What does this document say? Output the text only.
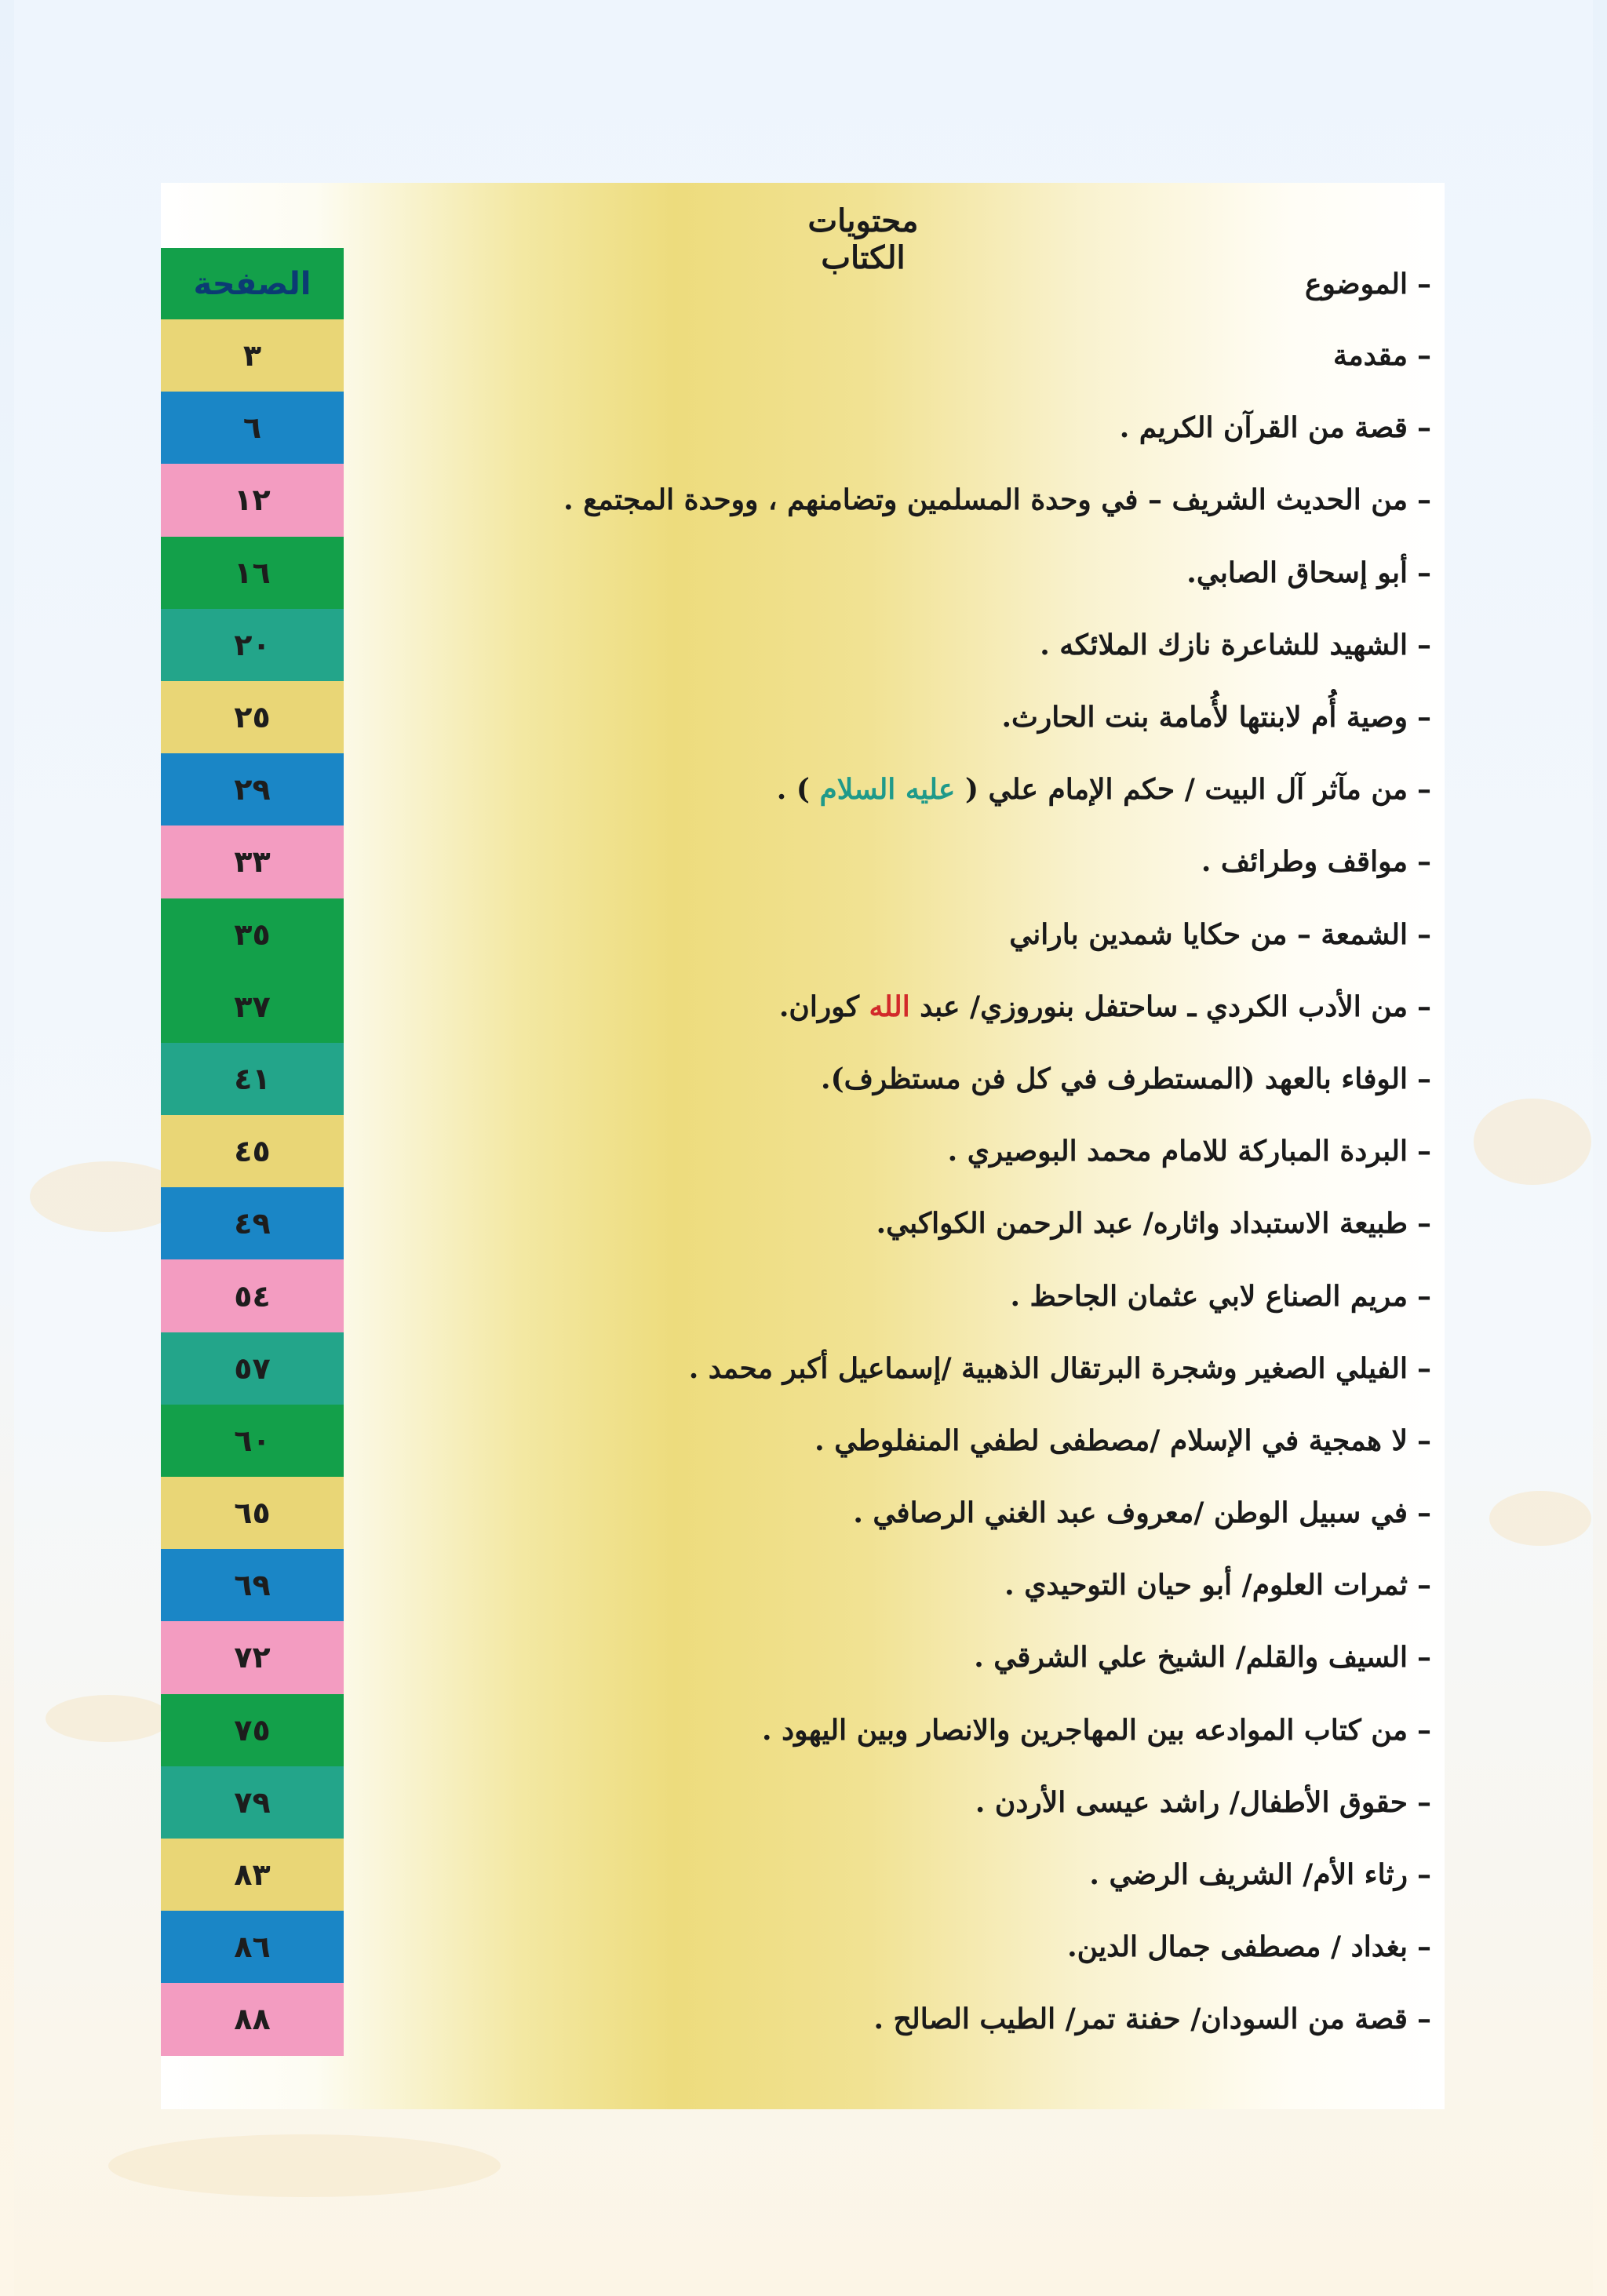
محتويات الكتاب
الصفحة
٣
٦
١٢
١٦
٢٠
٢٥
٢٩
٣٣
٣٥
٣٧
٤١
٤٥
٤٩
٥٤
٥٧
٦٠
٦٥
٦٩
٧٢
٧٥
٧٩
٨٣
٨٦
٨٨
–
الموضوع
–
مقدمة
–
قصة من القرآن الكريم .
–
من الحديث الشريف – في وحدة المسلمين وتضامنهم ، ووحدة المجتمع .
–
أبو إسحاق الصابي.
–
الشهيد للشاعرة نازك الملائكه .
–
وصية أُم لابنتها لأُمامة بنت الحارث.
–
من مآثر آل البيت / حكم الإمام علي (

عليه السلام

) .
–
مواقف وطرائف .
–
الشمعة – من حكايا شمدين باراني
–
من الأدب الكردي ـ ساحتفل بنوروزي/ عبد

الله

كوران.
–
الوفاء بالعهد (المستطرف في كل فن مستظرف).
–
البردة المباركة للامام محمد البوصيري .
–
طبيعة الاستبداد واثاره/ عبد الرحمن الكواكبي.
–
مريم الصناع لابي عثمان الجاحظ .
–
الفيلي الصغير وشجرة البرتقال الذهبية /إسماعيل أكبر محمد .
–
لا همجية في الإسلام /مصطفى لطفي المنفلوطي .
–
في سبيل الوطن /معروف عبد الغني الرصافي .
–
ثمرات العلوم/ أبو حيان التوحيدي .
–
السيف والقلم/ الشيخ علي الشرقي .
–
من كتاب الموادعه بين المهاجرين والانصار وبين اليهود .
–
حقوق الأطفال/ راشد عيسى الأردن .
–
رثاء الأم/ الشريف الرضي .
–
بغداد / مصطفى جمال الدين.
–
قصة من السودان/ حفنة تمر/ الطيب الصالح .
